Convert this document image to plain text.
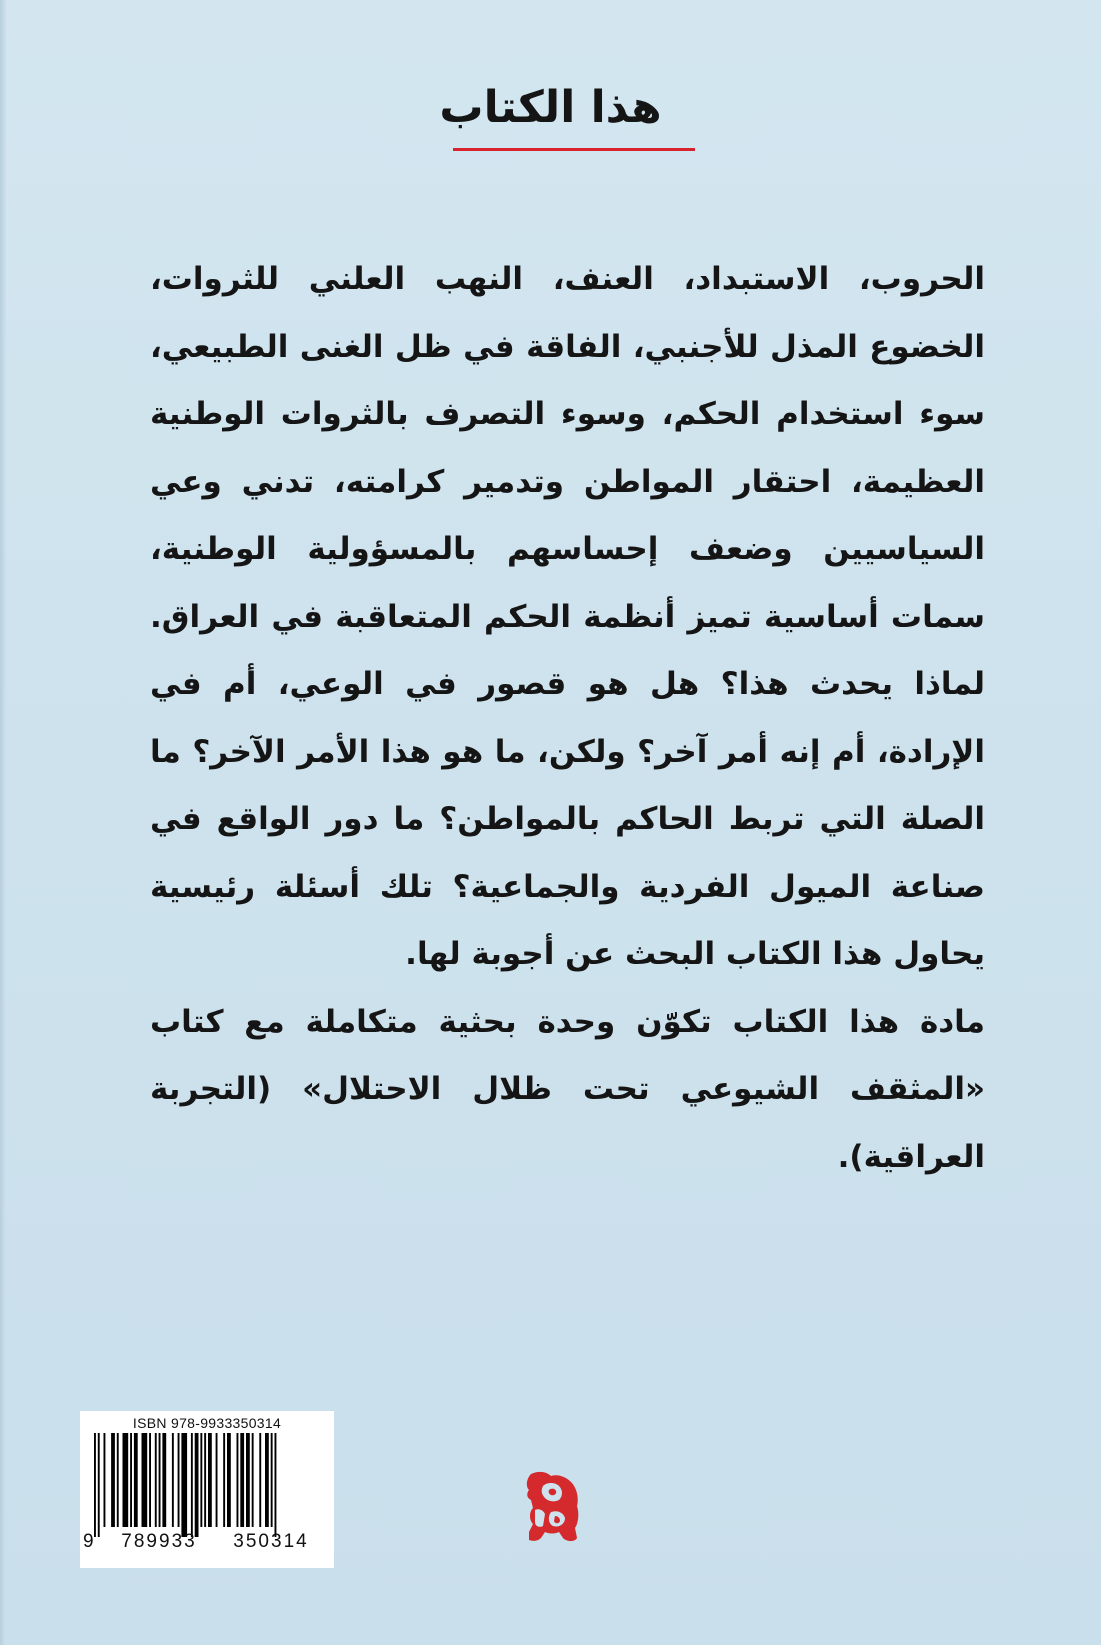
هذا الكتاب

الحروب، الاستبداد، العنف، النهب العلني للثروات، الخضوع المذل للأجنبي، الفاقة في ظل الغنى الطبيعي، سوء استخدام الحكم، وسوء التصرف بالثروات الوطنية العظيمة، احتقار المواطن وتدمير كرامته، تدني وعي السياسيين وضعف إحساسهم بالمسؤولية الوطنية، سمات أساسية تميز أنظمة الحكم المتعاقبة في العراق. لماذا يحدث هذا؟ هل هو قصور في الوعي، أم في الإرادة، أم إنه أمر آخر؟ ولكن، ما هو هذا الأمر الآخر؟ ما الصلة التي تربط الحاكم بالمواطن؟ ما دور الواقع في صناعة الميول الفردية والجماعية؟ تلك أسئلة رئيسية يحاول هذا الكتاب البحث عن أجوبة لها.

مادة هذا الكتاب تكوّن وحدة بحثية متكاملة مع كتاب «المثقف الشيوعي تحت ظلال الاحتلال» (التجربة العراقية).

ISBN 978-9933350314
9	789933	350314
